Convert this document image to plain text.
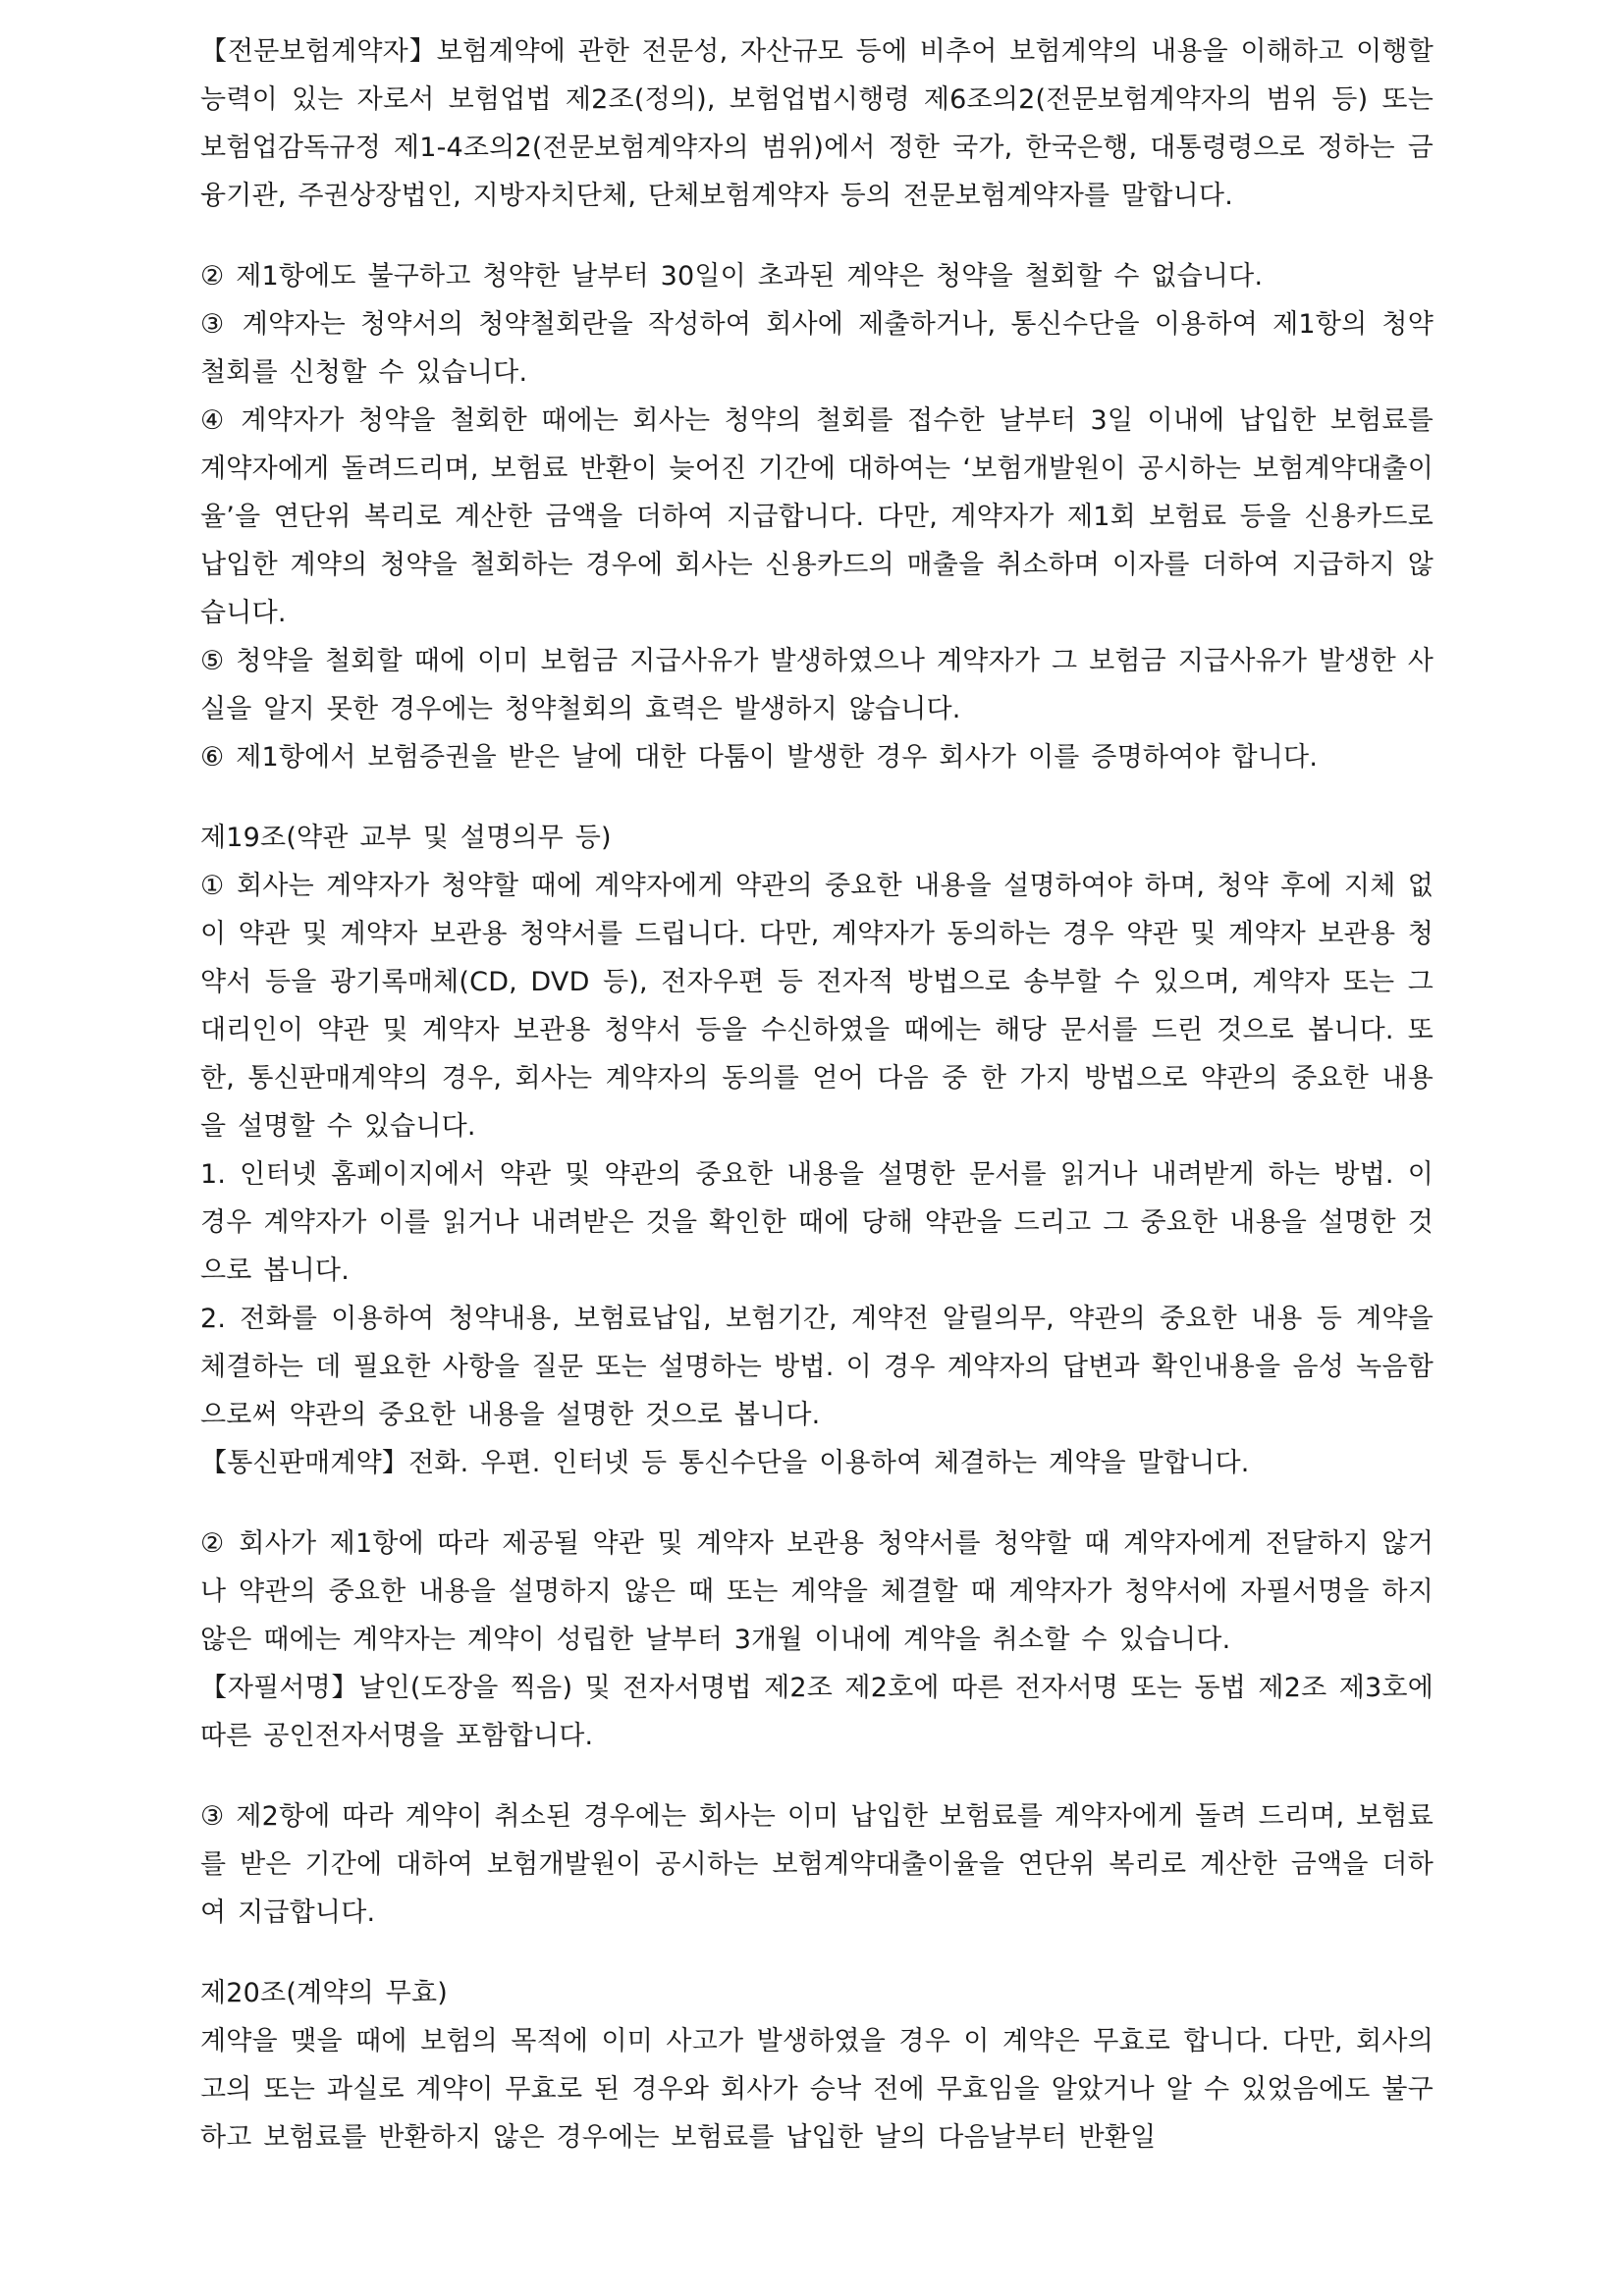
【전문보험계약자】보험계약에 관한 전문성, 자산규모 등에 비추어 보험계약의 내용을 이해하고 이행할 능력이 있는 자로서 보험업법 제2조(정의), 보험업법시행령 제6조의2(전문보험계약자의 범위 등) 또는 보험업감독규정 제1-4조의2(전문보험계약자의 범위)에서 정한 국가, 한국은행, 대통령령으로 정하는 금융기관, 주권상장법인, 지방자치단체, 단체보험계약자 등의 전문보험계약자를 말합니다.

② 제1항에도 불구하고 청약한 날부터 30일이 초과된 계약은 청약을 철회할 수 없습니다.

③ 계약자는 청약서의 청약철회란을 작성하여 회사에 제출하거나, 통신수단을 이용하여 제1항의 청약 철회를 신청할 수 있습니다.

④ 계약자가 청약을 철회한 때에는 회사는 청약의 철회를 접수한 날부터 3일 이내에 납입한 보험료를 계약자에게 돌려드리며, 보험료 반환이 늦어진 기간에 대하여는 ‘보험개발원이 공시하는 보험계약대출이율’을 연단위 복리로 계산한 금액을 더하여 지급합니다. 다만, 계약자가 제1회 보험료 등을 신용카드로 납입한 계약의 청약을 철회하는 경우에 회사는 신용카드의 매출을 취소하며 이자를 더하여 지급하지 않습니다.

⑤ 청약을 철회할 때에 이미 보험금 지급사유가 발생하였으나 계약자가 그 보험금 지급사유가 발생한 사실을 알지 못한 경우에는 청약철회의 효력은 발생하지 않습니다.

⑥ 제1항에서 보험증권을 받은 날에 대한 다툼이 발생한 경우 회사가 이를 증명하여야 합니다.

제19조(약관 교부 및 설명의무 등)

① 회사는 계약자가 청약할 때에 계약자에게 약관의 중요한 내용을 설명하여야 하며, 청약 후에 지체 없이 약관 및 계약자 보관용 청약서를 드립니다. 다만, 계약자가 동의하는 경우 약관 및 계약자 보관용 청약서 등을 광기록매체(CD, DVD 등), 전자우편 등 전자적 방법으로 송부할 수 있으며, 계약자 또는 그 대리인이 약관 및 계약자 보관용 청약서 등을 수신하였을 때에는 해당 문서를 드린 것으로 봅니다. 또한, 통신판매계약의 경우, 회사는 계약자의 동의를 얻어 다음 중 한 가지 방법으로 약관의 중요한 내용을 설명할 수 있습니다.

1. 인터넷 홈페이지에서 약관 및 약관의 중요한 내용을 설명한 문서를 읽거나 내려받게 하는 방법. 이 경우 계약자가 이를 읽거나 내려받은 것을 확인한 때에 당해 약관을 드리고 그 중요한 내용을 설명한 것으로 봅니다.

2. 전화를 이용하여 청약내용, 보험료납입, 보험기간, 계약전 알릴의무, 약관의 중요한 내용 등 계약을 체결하는 데 필요한 사항을 질문 또는 설명하는 방법. 이 경우 계약자의 답변과 확인내용을 음성 녹음함으로써 약관의 중요한 내용을 설명한 것으로 봅니다.

【통신판매계약】전화. 우편. 인터넷 등 통신수단을 이용하여 체결하는 계약을 말합니다.

② 회사가 제1항에 따라 제공될 약관 및 계약자 보관용 청약서를 청약할 때 계약자에게 전달하지 않거나 약관의 중요한 내용을 설명하지 않은 때 또는 계약을 체결할 때 계약자가 청약서에 자필서명을 하지 않은 때에는 계약자는 계약이 성립한 날부터 3개월 이내에 계약을 취소할 수 있습니다.

【자필서명】날인(도장을 찍음) 및 전자서명법 제2조 제2호에 따른 전자서명 또는 동법 제2조 제3호에 따른 공인전자서명을 포함합니다.

③ 제2항에 따라 계약이 취소된 경우에는 회사는 이미 납입한 보험료를 계약자에게 돌려 드리며, 보험료를 받은 기간에 대하여 보험개발원이 공시하는 보험계약대출이율을 연단위 복리로 계산한 금액을 더하여 지급합니다.

제20조(계약의 무효)

계약을 맺을 때에 보험의 목적에 이미 사고가 발생하였을 경우 이 계약은 무효로 합니다. 다만, 회사의 고의 또는 과실로 계약이 무효로 된 경우와 회사가 승낙 전에 무효임을 알았거나 알 수 있었음에도 불구하고 보험료를 반환하지 않은 경우에는 보험료를 납입한 날의 다음날부터 반환일
